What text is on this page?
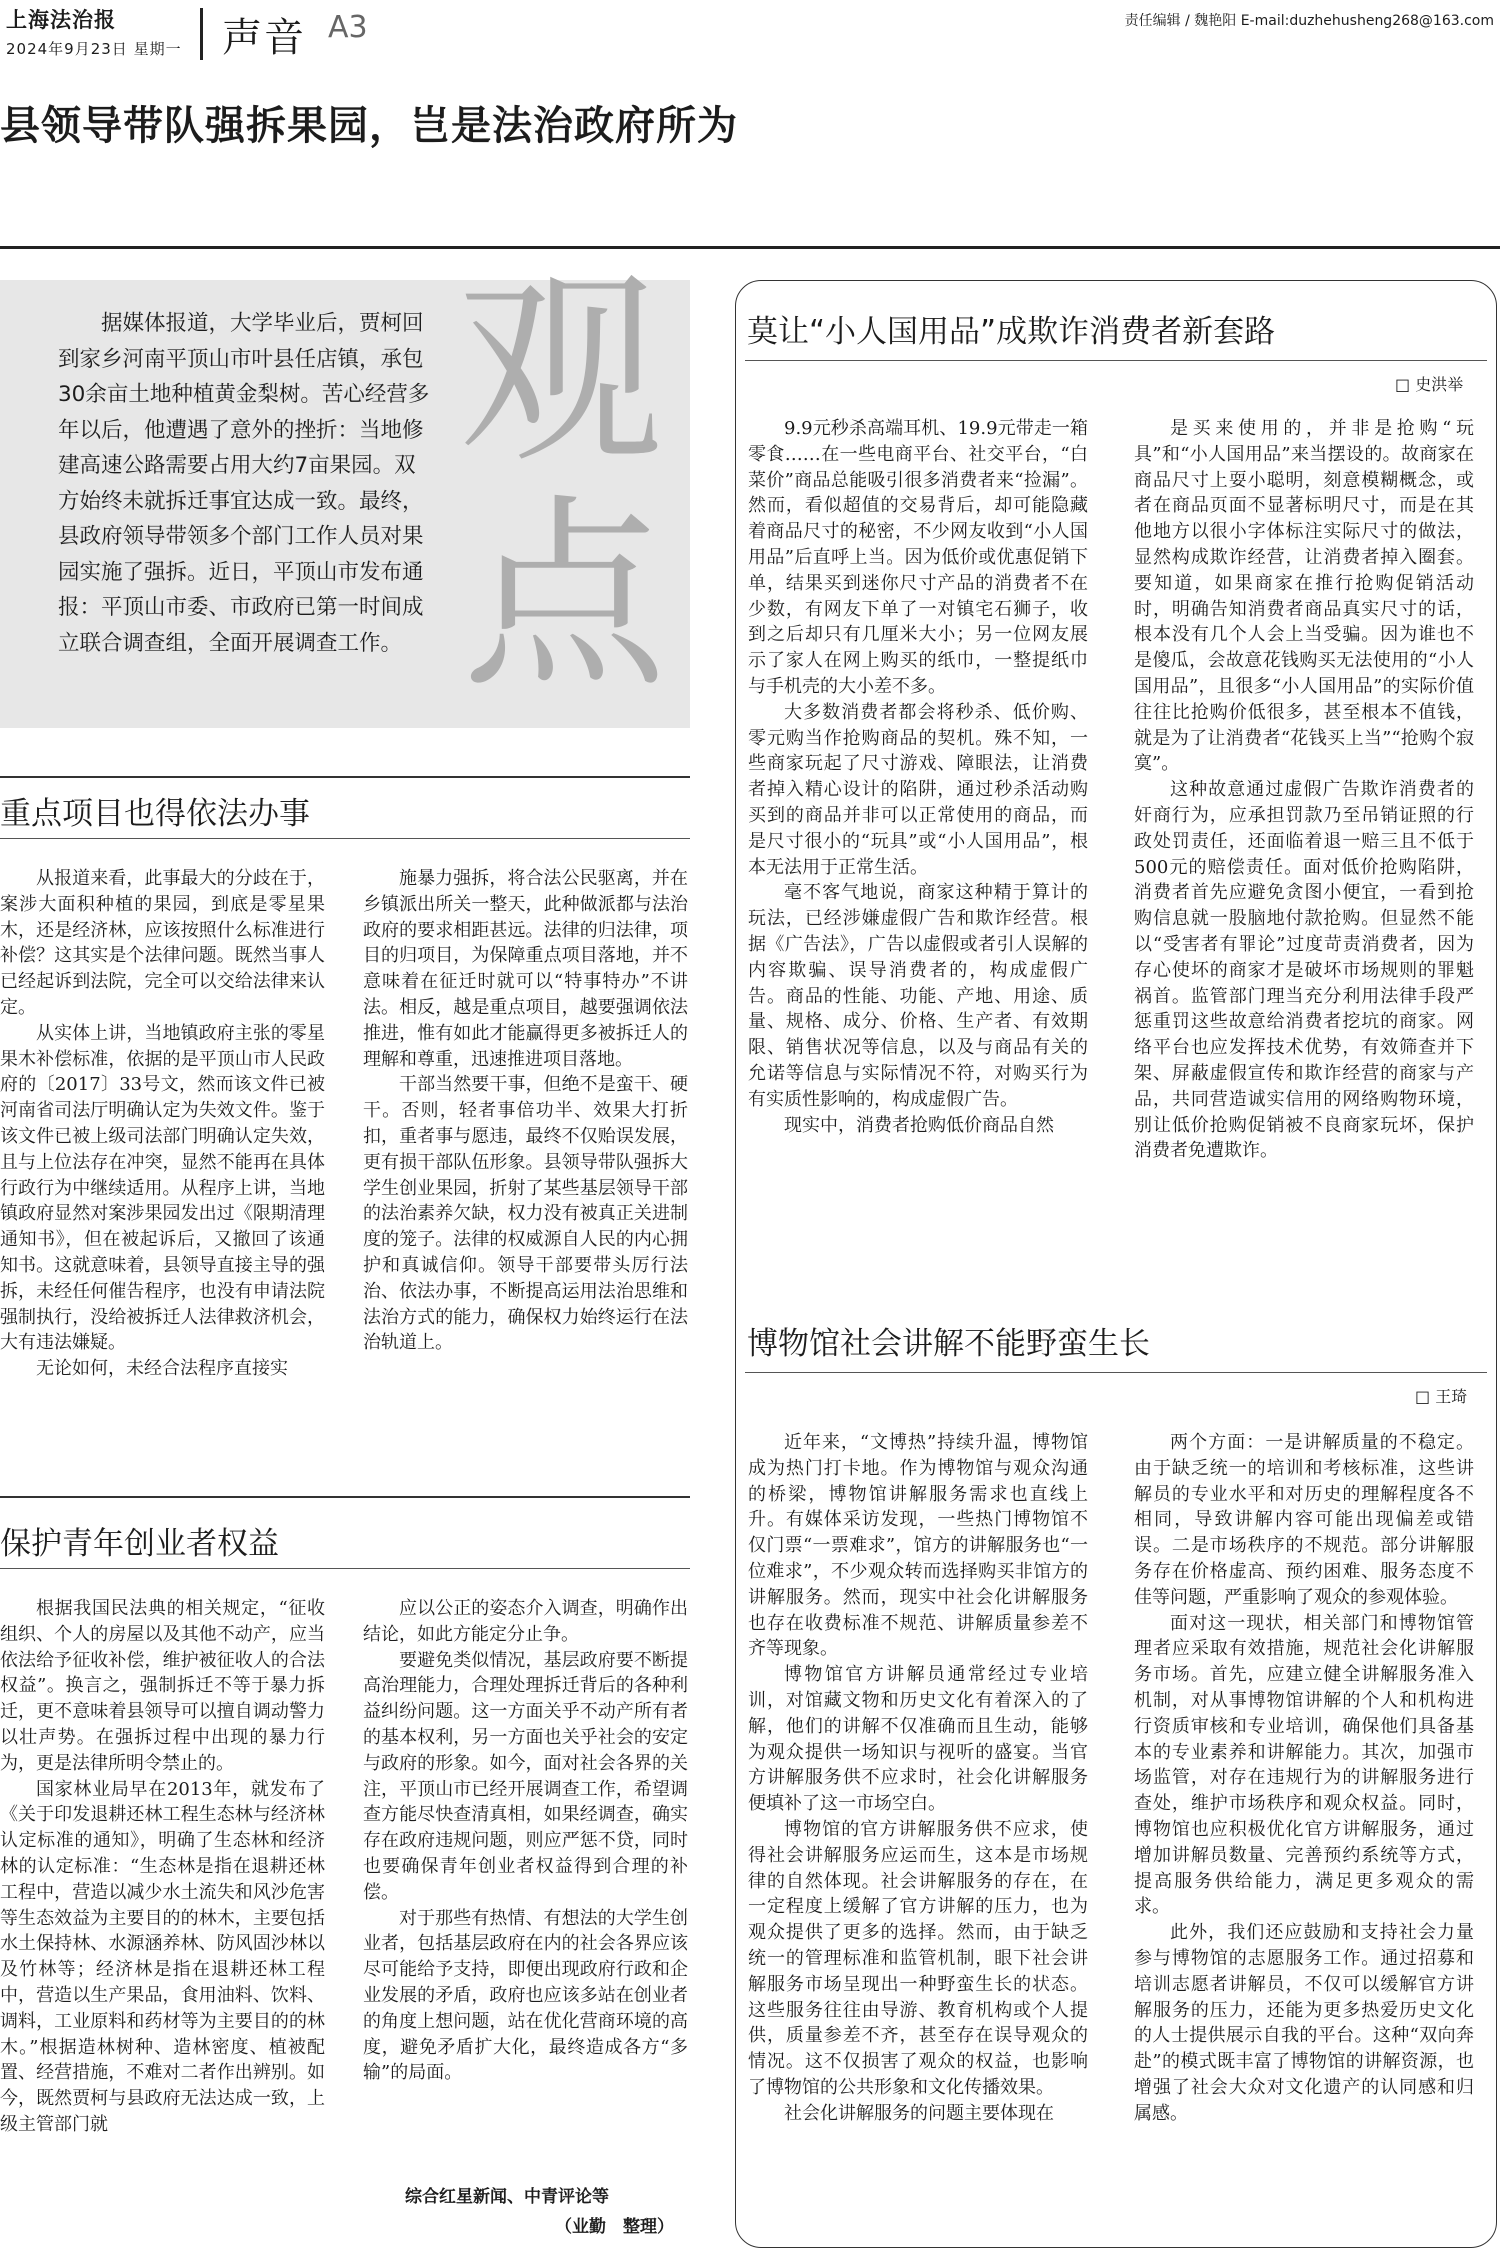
上海法治报
2024年9月23日 星期一 声音 A3	责任编辑 / 魏艳阳 E-mail:duzhehusheng268@163.com
县领导带队强拆果园，岂是法治政府所为
观
点

据媒体报道，大学毕业后，贾柯回到家乡河南平顶山市叶县任店镇，承包30余亩土地种植黄金梨树。苦心经营多年以后，他遭遇了意外的挫折：当地修建高速公路需要占用大约7亩果园。双方始终未就拆迁事宜达成一致。最终，县政府领导带领多个部门工作人员对果园实施了强拆。近日，平顶山市发布通报：平顶山市委、市政府已第一时间成立联合调查组，全面开展调查工作。

重点项目也得依法办事

从报道来看，此事最大的分歧在于，案涉大面积种植的果园，到底是零星果木，还是经济林，应该按照什么标准进行补偿？这其实是个法律问题。既然当事人已经起诉到法院，完全可以交给法律来认定。

从实体上讲，当地镇政府主张的零星果木补偿标准，依据的是平顶山市人民政府的〔2017〕33号文，然而该文件已被河南省司法厅明确认定为失效文件。鉴于该文件已被上级司法部门明确认定失效，且与上位法存在冲突，显然不能再在具体行政行为中继续适用。从程序上讲，当地镇政府显然对案涉果园发出过《限期清理通知书》，但在被起诉后，又撤回了该通知书。这就意味着，县领导直接主导的强拆，未经任何催告程序，也没有申请法院强制执行，没给被拆迁人法律救济机会，大有违法嫌疑。

无论如何，未经合法程序直接实

施暴力强拆，将合法公民驱离，并在乡镇派出所关一整天，此种做派都与法治政府的要求相距甚远。法律的归法律，项目的归项目，为保障重点项目落地，并不意味着在征迁时就可以“特事特办”不讲法。相反，越是重点项目，越要强调依法推进，惟有如此才能赢得更多被拆迁人的理解和尊重，迅速推进项目落地。

干部当然要干事，但绝不是蛮干、硬干。否则，轻者事倍功半、效果大打折扣，重者事与愿违，最终不仅贻误发展，更有损干部队伍形象。县领导带队强拆大学生创业果园，折射了某些基层领导干部的法治素养欠缺，权力没有被真正关进制度的笼子。法律的权威源自人民的内心拥护和真诚信仰。领导干部要带头厉行法治、依法办事，不断提高运用法治思维和法治方式的能力，确保权力始终运行在法治轨道上。

保护青年创业者权益

根据我国民法典的相关规定，“征收组织、个人的房屋以及其他不动产，应当依法给予征收补偿，维护被征收人的合法权益”。换言之，强制拆迁不等于暴力拆迁，更不意味着县领导可以擅自调动警力以壮声势。在强拆过程中出现的暴力行为，更是法律所明令禁止的。

国家林业局早在2013年，就发布了《关于印发退耕还林工程生态林与经济林认定标准的通知》，明确了生态林和经济林的认定标准：“生态林是指在退耕还林工程中，营造以减少水土流失和风沙危害等生态效益为主要目的的林木，主要包括水土保持林、水源涵养林、防风固沙林以及竹林等；经济林是指在退耕还林工程中，营造以生产果品，食用油料、饮料、调料，工业原料和药材等为主要目的的林木。”根据造林树种、造林密度、植被配置、经营措施，不难对二者作出辨别。如今，既然贾柯与县政府无法达成一致，上级主管部门就

应以公正的姿态介入调查，明确作出结论，如此方能定分止争。

要避免类似情况，基层政府要不断提高治理能力，合理处理拆迁背后的各种利益纠纷问题。这一方面关乎不动产所有者的基本权利，另一方面也关乎社会的安定与政府的形象。如今，面对社会各界的关注，平顶山市已经开展调查工作，希望调查方能尽快查清真相，如果经调查，确实存在政府违规问题，则应严惩不贷，同时也要确保青年创业者权益得到合理的补偿。

对于那些有热情、有想法的大学生创业者，包括基层政府在内的社会各界应该尽可能给予支持，即便出现政府行政和企业发展的矛盾，政府也应该多站在创业者的角度上想问题，站在优化营商环境的高度，避免矛盾扩大化，最终造成各方“多输”的局面。

综合红星新闻、中青评论等
（业勤　整理）
莫让“小人国用品”成欺诈消费者新套路
□ 史洪举

9.9元秒杀高端耳机、19.9元带走一箱零食……在一些电商平台、社交平台，“白菜价”商品总能吸引很多消费者来“捡漏”。然而，看似超值的交易背后，却可能隐藏着商品尺寸的秘密，不少网友收到“小人国用品”后直呼上当。因为低价或优惠促销下单，结果买到迷你尺寸产品的消费者不在少数，有网友下单了一对镇宅石狮子，收到之后却只有几厘米大小；另一位网友展示了家人在网上购买的纸巾，一整提纸巾与手机壳的大小差不多。

大多数消费者都会将秒杀、低价购、零元购当作抢购商品的契机。殊不知，一些商家玩起了尺寸游戏、障眼法，让消费者掉入精心设计的陷阱，通过秒杀活动购买到的商品并非可以正常使用的商品，而是尺寸很小的“玩具”或“小人国用品”，根本无法用于正常生活。

毫不客气地说，商家这种精于算计的玩法，已经涉嫌虚假广告和欺诈经营。根据《广告法》，广告以虚假或者引人误解的内容欺骗、误导消费者的，构成虚假广告。商品的性能、功能、产地、用途、质量、规格、成分、价格、生产者、有效期限、销售状况等信息，以及与商品有关的允诺等信息与实际情况不符，对购买行为有实质性影响的，构成虚假广告。

现实中，消费者抢购低价商品自然

是买来使用的，并非是抢购“玩具”和“小人国用品”来当摆设的。故商家在商品尺寸上耍小聪明，刻意模糊概念，或者在商品页面不显著标明尺寸，而是在其他地方以很小字体标注实际尺寸的做法，显然构成欺诈经营，让消费者掉入圈套。要知道，如果商家在推行抢购促销活动时，明确告知消费者商品真实尺寸的话，根本没有几个人会上当受骗。因为谁也不是傻瓜，会故意花钱购买无法使用的“小人国用品”，且很多“小人国用品”的实际价值往往比抢购价低很多，甚至根本不值钱，就是为了让消费者“花钱买上当”“抢购个寂寞”。

这种故意通过虚假广告欺诈消费者的奸商行为，应承担罚款乃至吊销证照的行政处罚责任，还面临着退一赔三且不低于500元的赔偿责任。面对低价抢购陷阱，消费者首先应避免贪图小便宜，一看到抢购信息就一股脑地付款抢购。但显然不能以“受害者有罪论”过度苛责消费者，因为存心使坏的商家才是破坏市场规则的罪魁祸首。监管部门理当充分利用法律手段严惩重罚这些故意给消费者挖坑的商家。网络平台也应发挥技术优势，有效筛查并下架、屏蔽虚假宣传和欺诈经营的商家与产品，共同营造诚实信用的网络购物环境，别让低价抢购促销被不良商家玩坏，保护消费者免遭欺诈。

博物馆社会讲解不能野蛮生长
□ 王琦

近年来，“文博热”持续升温，博物馆成为热门打卡地。作为博物馆与观众沟通的桥梁，博物馆讲解服务需求也直线上升。有媒体采访发现，一些热门博物馆不仅门票“一票难求”，馆方的讲解服务也“一位难求”，不少观众转而选择购买非馆方的讲解服务。然而，现实中社会化讲解服务也存在收费标准不规范、讲解质量参差不齐等现象。

博物馆官方讲解员通常经过专业培训，对馆藏文物和历史文化有着深入的了解，他们的讲解不仅准确而且生动，能够为观众提供一场知识与视听的盛宴。当官方讲解服务供不应求时，社会化讲解服务便填补了这一市场空白。

博物馆的官方讲解服务供不应求，使得社会讲解服务应运而生，这本是市场规律的自然体现。社会讲解服务的存在，在一定程度上缓解了官方讲解的压力，也为观众提供了更多的选择。然而，由于缺乏统一的管理标准和监管机制，眼下社会讲解服务市场呈现出一种野蛮生长的状态。这些服务往往由导游、教育机构或个人提供，质量参差不齐，甚至存在误导观众的情况。这不仅损害了观众的权益，也影响了博物馆的公共形象和文化传播效果。

社会化讲解服务的问题主要体现在

两个方面：一是讲解质量的不稳定。由于缺乏统一的培训和考核标准，这些讲解员的专业水平和对历史的理解程度各不相同，导致讲解内容可能出现偏差或错误。二是市场秩序的不规范。部分讲解服务存在价格虚高、预约困难、服务态度不佳等问题，严重影响了观众的参观体验。

面对这一现状，相关部门和博物馆管理者应采取有效措施，规范社会化讲解服务市场。首先，应建立健全讲解服务准入机制，对从事博物馆讲解的个人和机构进行资质审核和专业培训，确保他们具备基本的专业素养和讲解能力。其次，加强市场监管，对存在违规行为的讲解服务进行查处，维护市场秩序和观众权益。同时，博物馆也应积极优化官方讲解服务，通过增加讲解员数量、完善预约系统等方式，提高服务供给能力，满足更多观众的需求。

此外，我们还应鼓励和支持社会力量参与博物馆的志愿服务工作。通过招募和培训志愿者讲解员，不仅可以缓解官方讲解服务的压力，还能为更多热爱历史文化的人士提供展示自我的平台。这种“双向奔赴”的模式既丰富了博物馆的讲解资源，也增强了社会大众对文化遗产的认同感和归属感。
